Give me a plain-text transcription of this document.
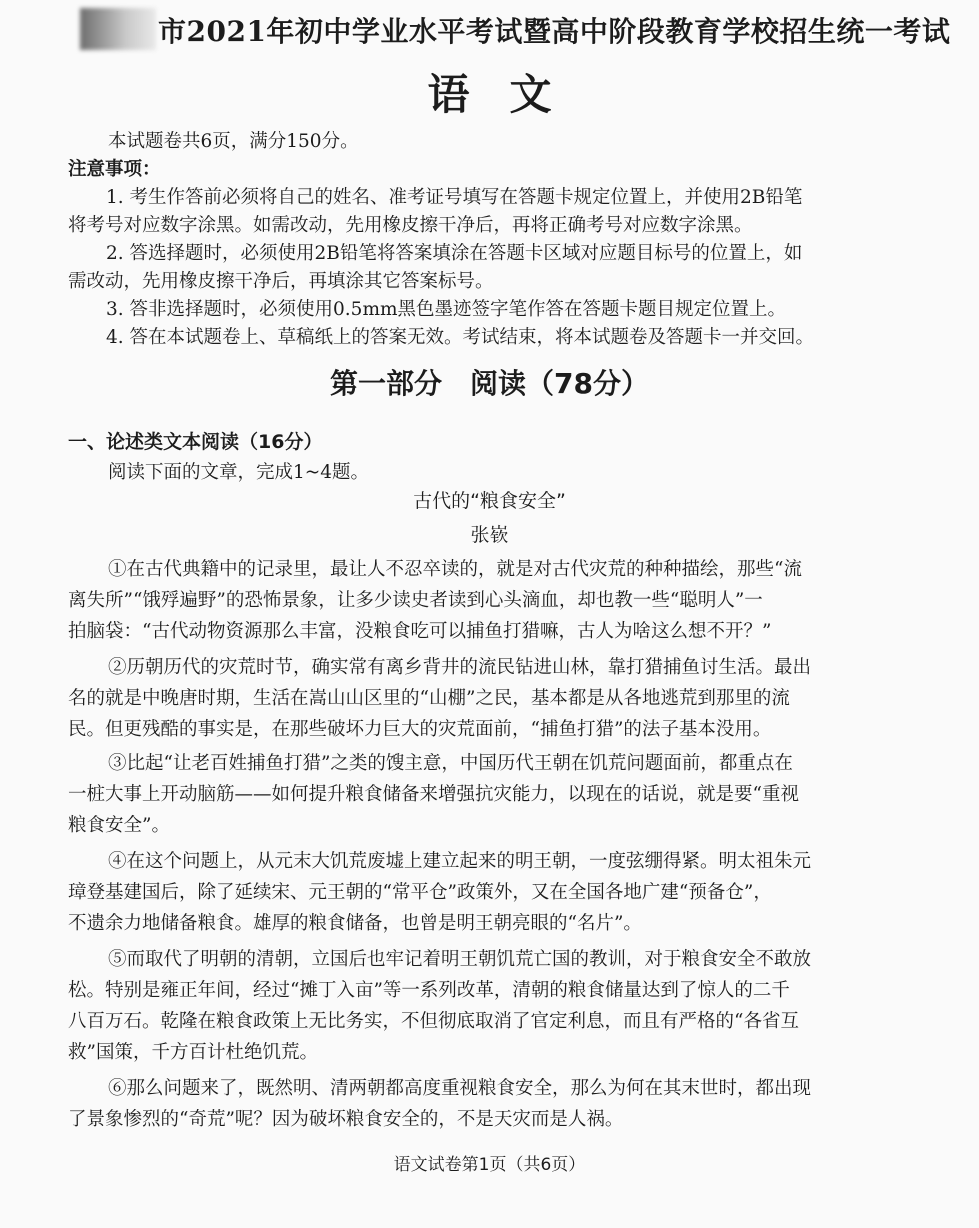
市2021年初中学业水平考试暨高中阶段教育学校招生统一考试
语文
本试题卷共6页，满分150分。
注意事项：
1. 考生作答前必须将自己的姓名、准考证号填写在答题卡规定位置上，并使用2B铅笔
将考号对应数字涂黑。如需改动，先用橡皮擦干净后，再将正确考号对应数字涂黑。
2. 答选择题时，必须使用2B铅笔将答案填涂在答题卡区域对应题目标号的位置上，如
需改动，先用橡皮擦干净后，再填涂其它答案标号。
3. 答非选择题时，必须使用0.5mm黑色墨迹签字笔作答在答题卡题目规定位置上。
4. 答在本试题卷上、草稿纸上的答案无效。考试结束，将本试题卷及答题卡一并交回。
第一部分　阅读（78分）
一、论述类文本阅读（16分）
阅读下面的文章，完成1~4题。
古代的“粮食安全”
张嵚
①在古代典籍中的记录里，最让人不忍卒读的，就是对古代灾荒的种种描绘，那些“流
离失所”“饿殍遍野”的恐怖景象，让多少读史者读到心头滴血，却也教一些“聪明人”一
拍脑袋：“古代动物资源那么丰富，没粮食吃可以捕鱼打猎嘛，古人为啥这么想不开？”
②历朝历代的灾荒时节，确实常有离乡背井的流民钻进山林，靠打猎捕鱼讨生活。最出
名的就是中晚唐时期，生活在嵩山山区里的“山棚”之民，基本都是从各地逃荒到那里的流
民。但更残酷的事实是，在那些破坏力巨大的灾荒面前，“捕鱼打猎”的法子基本没用。
③比起“让老百姓捕鱼打猎”之类的馊主意，中国历代王朝在饥荒问题面前，都重点在
一桩大事上开动脑筋——如何提升粮食储备来增强抗灾能力，以现在的话说，就是要“重视
粮食安全”。
④在这个问题上，从元末大饥荒废墟上建立起来的明王朝，一度弦绷得紧。明太祖朱元
璋登基建国后，除了延续宋、元王朝的“常平仓”政策外，又在全国各地广建“预备仓”，
不遗余力地储备粮食。雄厚的粮食储备，也曾是明王朝亮眼的“名片”。
⑤而取代了明朝的清朝，立国后也牢记着明王朝饥荒亡国的教训，对于粮食安全不敢放
松。特别是雍正年间，经过“摊丁入亩”等一系列改革，清朝的粮食储量达到了惊人的二千
八百万石。乾隆在粮食政策上无比务实，不但彻底取消了官定利息，而且有严格的“各省互
救”国策，千方百计杜绝饥荒。
⑥那么问题来了，既然明、清两朝都高度重视粮食安全，那么为何在其末世时，都出现
了景象惨烈的“奇荒”呢？因为破坏粮食安全的，不是天灾而是人祸。
语文试卷第1页（共6页）
